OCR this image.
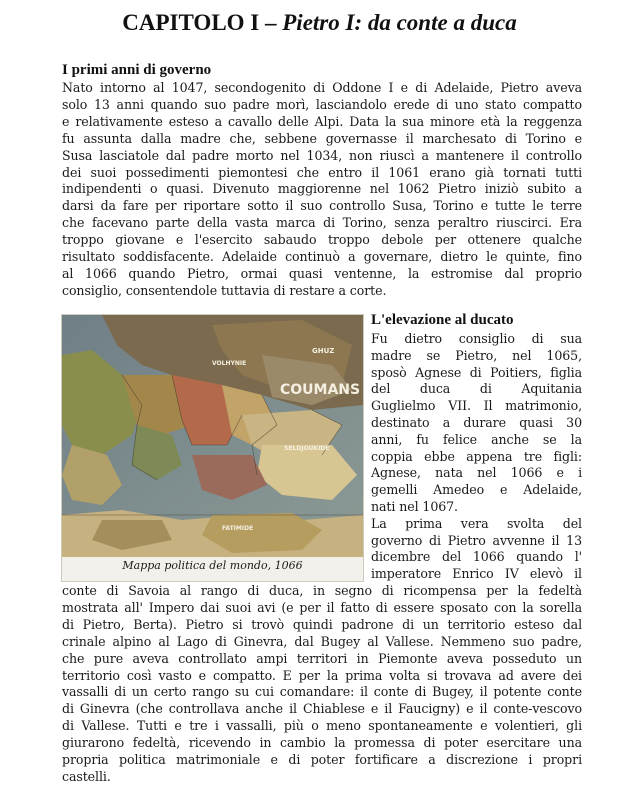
CAPITOLO I – Pietro I: da conte a duca
I primi anni di governo
Nato intorno al 1047, secondogenito di Oddone I e di Adelaide, Pietro aveva
solo 13 anni quando suo padre morì, lasciandolo erede di uno stato compatto
e relativamente esteso a cavallo delle Alpi. Data la sua minore età la reggenza
fu assunta dalla madre che, sebbene governasse il marchesato di Torino e
Susa lasciatole dal padre morto nel 1034, non riuscì a mantenere il controllo
dei suoi possedimenti piemontesi che entro il 1061 erano già tornati tutti
indipendenti o quasi. Divenuto maggiorenne nel 1062 Pietro iniziò subito a
darsi da fare per riportare sotto il suo controllo Susa, Torino e tutte le terre
che facevano parte della vasta marca di Torino, senza peraltro riuscirci. Era
troppo giovane e l'esercito sabaudo troppo debole per ottenere qualche
risultato soddisfacente. Adelaide continuò a governare, dietro le quinte, fino
al 1066 quando Pietro, ormai quasi ventenne, la estromise dal proprio
consiglio, consentendole tuttavia di restare a corte.
L'elevazione al ducato
Fu dietro consiglio di sua
madre se Pietro, nel 1065,
sposò Agnese di Poitiers, figlia
del duca di Aquitania
Guglielmo VII. Il matrimonio,
destinato a durare quasi 30
anni, fu felice anche se la
coppia ebbe appena tre figli:
Agnese, nata nel 1066 e i
gemelli Amedeo e Adelaide,
nati nel 1067.
La prima vera svolta del
governo di Pietro avvenne il 13
dicembre del 1066 quando l'
imperatore Enrico IV elevò il
COUMANS
SELDJOUKIDE
GHUZ
VOLHYNIE
FATIMIDE
Mappa politica del mondo, 1066
conte di Savoia al rango di duca, in segno di ricompensa per la fedeltà
mostrata all' Impero dai suoi avi (e per il fatto di essere sposato con la sorella
di Pietro, Berta). Pietro si trovò quindi padrone di un territorio esteso dal
crinale alpino al Lago di Ginevra, dal Bugey al Vallese. Nemmeno suo padre,
che pure aveva controllato ampi territori in Piemonte aveva posseduto un
territorio così vasto e compatto. E per la prima volta si trovava ad avere dei
vassalli di un certo rango su cui comandare: il conte di Bugey, il potente conte
di Ginevra (che controllava anche il Chiablese e il Faucigny) e il conte-vescovo
di Vallese. Tutti e tre i vassalli, più o meno spontaneamente e volentieri, gli
giurarono fedeltà, ricevendo in cambio la promessa di poter esercitare una
propria politica matrimoniale e di poter fortificare a discrezione i propri
castelli.
